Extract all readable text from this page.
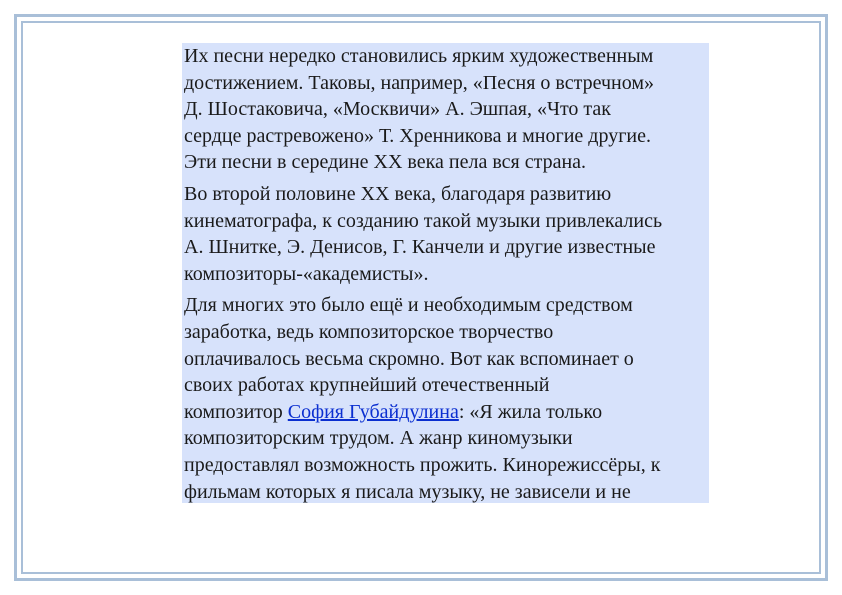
Их песни нередко становились ярким художественным
достижением. Таковы, например, «Песня о встречном»
Д. Шостаковича, «Москвичи» А. Эшпая, «Что так
сердце растревожено» Т. Хренникова и многие другие.
Эти песни в середине XX века пела вся страна.

Во второй половине XX века, благодаря развитию
кинематографа, к созданию такой музыки привлекались
А. Шнитке, Э. Денисов, Г. Канчели и другие известные
композиторы-«академисты».

Для многих это было ещё и необходимым средством
заработка, ведь композиторское творчество
оплачивалось весьма скромно. Вот как вспоминает о
своих работах крупнейший отечественный
композитор София Губайдулина: «Я жила только
композиторским трудом. А жанр киномузыки
предоставлял возможность прожить. Кинорежиссёры, к
фильмам которых я писала музыку, не зависели и не
